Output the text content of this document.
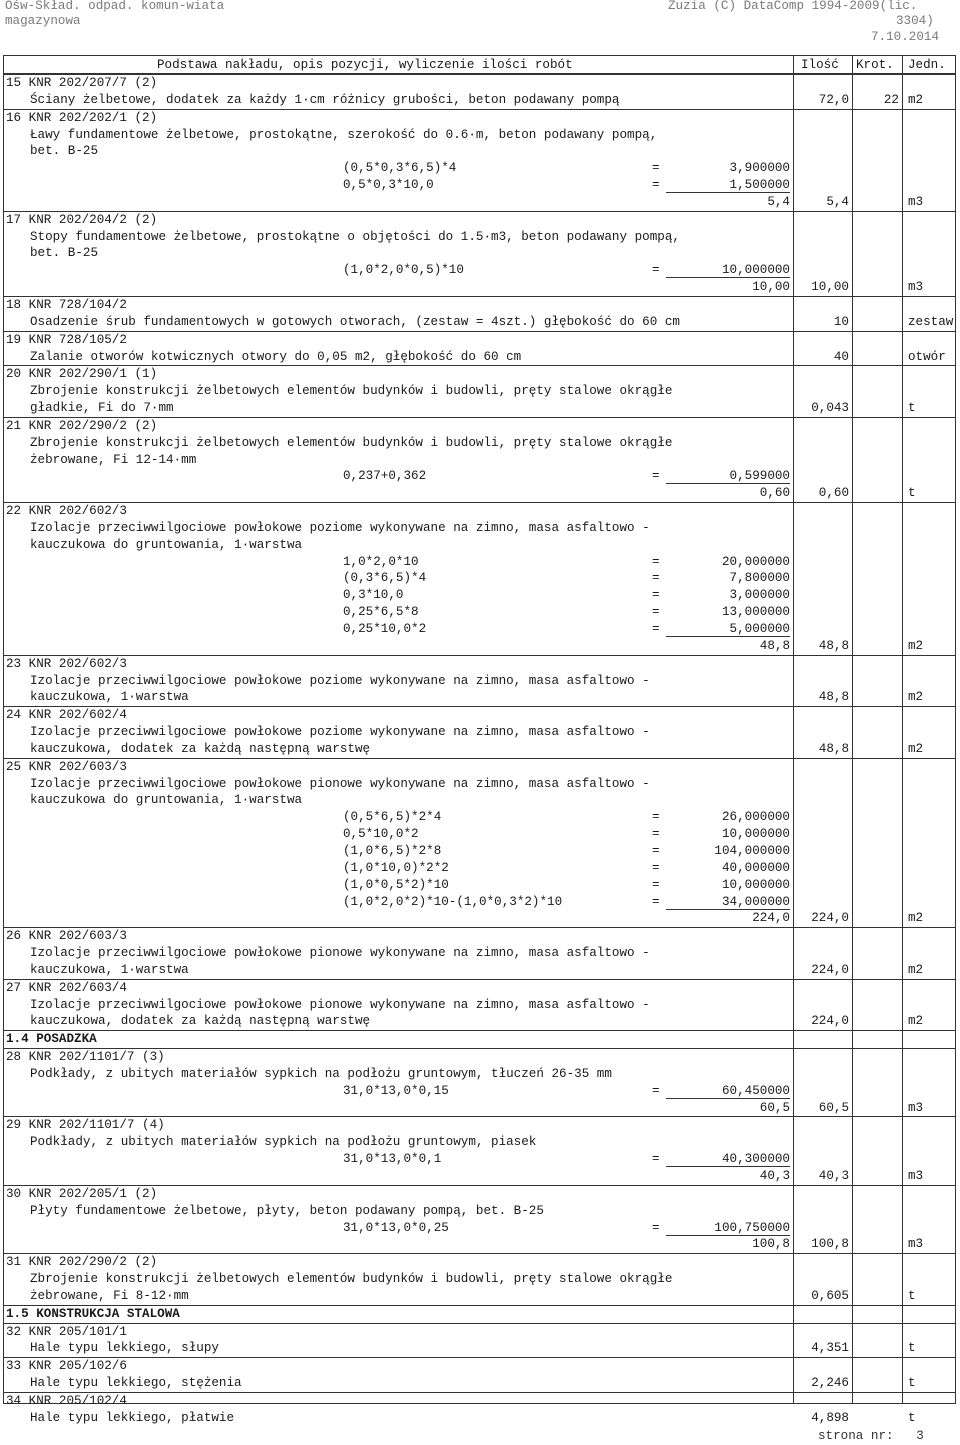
Ośw-Skład. odpad. komun-wiata
magazynowa
Zuzia (C) DataComp 1994-2009(lic.
3304)
7.10.2014
Podstawa nakładu, opis pozycji, wyliczenie ilości robót	Ilość Krot. Jedn.
15 KNR 202/207/7 (2)
Ściany żelbetowe, dodatek za każdy 1·cm różnicy grubości, beton podawany pompą	72,0	22 m2
16 KNR 202/202/1 (2)
Ławy fundamentowe żelbetowe, prostokątne, szerokość do 0.6·m, beton podawany pompą,
bet. B-25
(0,5*0,3*6,5)*4	=	3,900000
0,5*0,3*10,0	=	1,500000
5,4	5,4	m3
17 KNR 202/204/2 (2)
Stopy fundamentowe żelbetowe, prostokątne o objętości do 1.5·m3, beton podawany pompą,
bet. B-25
(1,0*2,0*0,5)*10	=	10,000000
10,00 10,00	m3
18 KNR 728/104/2
Osadzenie śrub fundamentowych w gotowych otworach, (zestaw = 4szt.) głębokość do 60 cm	10	zestaw
19 KNR 728/105/2
Zalanie otworów kotwicznych otwory do 0,05 m2, głębokość do 60 cm	40	otwór
20 KNR 202/290/1 (1)
Zbrojenie konstrukcji żelbetowych elementów budynków i budowli, pręty stalowe okrągłe
gładkie, Fi do 7·mm	0,043	t
21 KNR 202/290/2 (2)
Zbrojenie konstrukcji żelbetowych elementów budynków i budowli, pręty stalowe okrągłe
żebrowane, Fi 12-14·mm
0,237+0,362	=	0,599000
0,60 0,60	t
22 KNR 202/602/3
Izolacje przeciwwilgociowe powłokowe poziome wykonywane na zimno, masa asfaltowo -
kauczukowa do gruntowania, 1·warstwa
1,0*2,0*10	=	20,000000
(0,3*6,5)*4	=	7,800000
0,3*10,0	=	3,000000
0,25*6,5*8	=	13,000000
0,25*10,0*2	=	5,000000
48,8 48,8	m2
23 KNR 202/602/3
Izolacje przeciwwilgociowe powłokowe poziome wykonywane na zimno, masa asfaltowo -
kauczukowa, 1·warstwa	48,8	m2
24 KNR 202/602/4
Izolacje przeciwwilgociowe powłokowe poziome wykonywane na zimno, masa asfaltowo -
kauczukowa, dodatek za każdą następną warstwę	48,8	m2
25 KNR 202/603/3
Izolacje przeciwwilgociowe powłokowe pionowe wykonywane na zimno, masa asfaltowo -
kauczukowa do gruntowania, 1·warstwa
(0,5*6,5)*2*4	=	26,000000
0,5*10,0*2	=	10,000000
(1,0*6,5)*2*8	=	104,000000
(1,0*10,0)*2*2	=	40,000000
(1,0*0,5*2)*10	=	10,000000
(1,0*2,0*2)*10-(1,0*0,3*2)*10	=	34,000000
224,0 224,0	m2
26 KNR 202/603/3
Izolacje przeciwwilgociowe powłokowe pionowe wykonywane na zimno, masa asfaltowo -
kauczukowa, 1·warstwa	224,0	m2
27 KNR 202/603/4
Izolacje przeciwwilgociowe powłokowe pionowe wykonywane na zimno, masa asfaltowo -
kauczukowa, dodatek za każdą następną warstwę	224,0	m2
1.4 POSADZKA
28 KNR 202/1101/7 (3)
Podkłady, z ubitych materiałów sypkich na podłożu gruntowym, tłuczeń 26-35 mm
31,0*13,0*0,15	=	60,450000
60,5 60,5	m3
29 KNR 202/1101/7 (4)
Podkłady, z ubitych materiałów sypkich na podłożu gruntowym, piasek
31,0*13,0*0,1	=	40,300000
40,3 40,3	m3
30 KNR 202/205/1 (2)
Płyty fundamentowe żelbetowe, płyty, beton podawany pompą, bet. B-25
31,0*13,0*0,25	=	100,750000
100,8 100,8	m3
31 KNR 202/290/2 (2)
Zbrojenie konstrukcji żelbetowych elementów budynków i budowli, pręty stalowe okrągłe
żebrowane, Fi 8-12·mm	0,605	t
1.5 KONSTRUKCJA STALOWA
32 KNR 205/101/1
Hale typu lekkiego, słupy	4,351	t
33 KNR 205/102/6
Hale typu lekkiego, stężenia	2,246	t
34 KNR 205/102/4
Hale typu lekkiego, płatwie	4,898	t
strona nr: 3
